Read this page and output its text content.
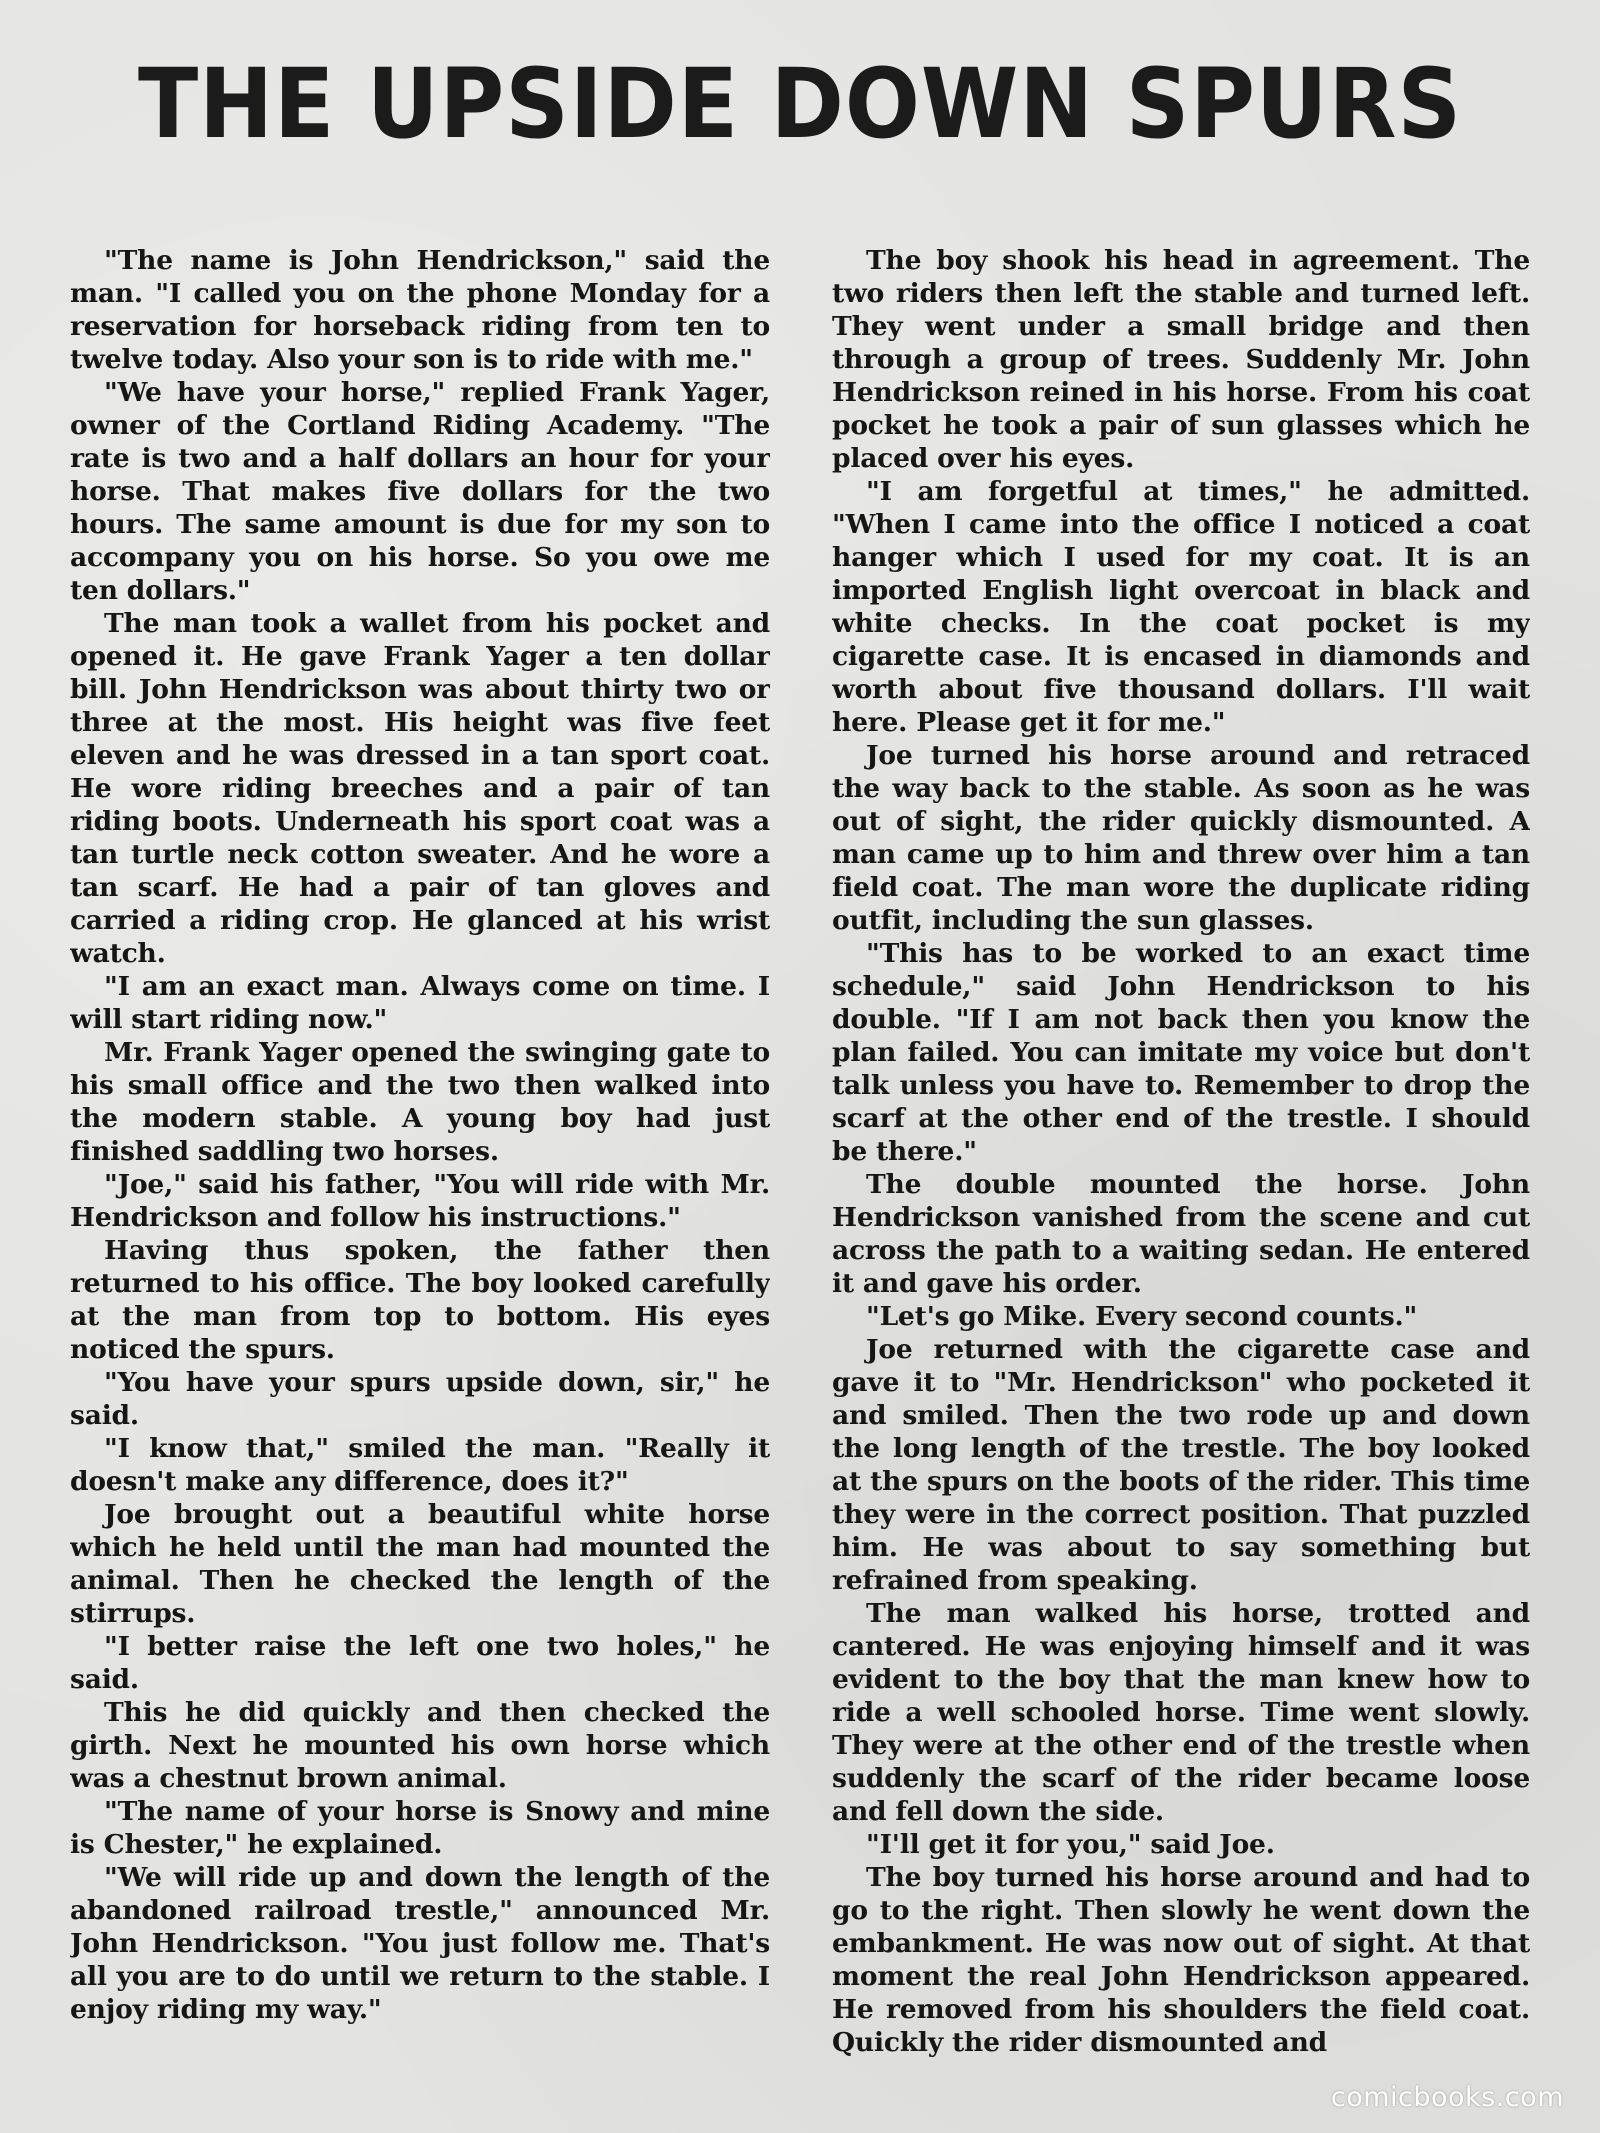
THE UPSIDE DOWN SPURS

"The name is John Hendrickson," said the man. "I called you on the phone Monday for a reservation for horseback riding from ten to twelve today. Also your son is to ride with me."

"We have your horse," replied Frank Yager, owner of the Cortland Riding Academy. "The rate is two and a half dollars an hour for your horse. That makes five dollars for the two hours. The same amount is due for my son to accompany you on his horse. So you owe me ten dollars."

The man took a wallet from his pocket and opened it. He gave Frank Yager a ten dollar bill. John Hendrickson was about thirty two or three at the most. His height was five feet eleven and he was dressed in a tan sport coat. He wore riding breeches and a pair of tan riding boots. Underneath his sport coat was a tan turtle neck cotton sweater. And he wore a tan scarf. He had a pair of tan gloves and carried a riding crop. He glanced at his wrist watch.

"I am an exact man. Always come on time. I will start riding now."

Mr. Frank Yager opened the swinging gate to his small office and the two then walked into the modern stable. A young boy had just finished saddling two horses.

"Joe," said his father, "You will ride with Mr. Hendrickson and follow his instructions."

Having thus spoken, the father then returned to his office. The boy looked carefully at the man from top to bottom. His eyes noticed the spurs.

"You have your spurs upside down, sir," he said.

"I know that," smiled the man. "Really it doesn't make any difference, does it?"

Joe brought out a beautiful white horse which he held until the man had mounted the animal. Then he checked the length of the stirrups.

"I better raise the left one two holes," he said.

This he did quickly and then checked the girth. Next he mounted his own horse which was a chestnut brown animal.

"The name of your horse is Snowy and mine is Chester," he explained.

"We will ride up and down the length of the abandoned railroad trestle," announced Mr. John Hendrickson. "You just follow me. That's all you are to do until we return to the stable. I enjoy riding my way."

The boy shook his head in agreement. The two riders then left the stable and turned left. They went under a small bridge and then through a group of trees. Suddenly Mr. John Hendrickson reined in his horse. From his coat pocket he took a pair of sun glasses which he placed over his eyes.

"I am forgetful at times," he admitted. "When I came into the office I noticed a coat hanger which I used for my coat. It is an imported English light overcoat in black and white checks. In the coat pocket is my cigarette case. It is encased in diamonds and worth about five thousand dollars. I'll wait here. Please get it for me."

Joe turned his horse around and retraced the way back to the stable. As soon as he was out of sight, the rider quickly dismounted. A man came up to him and threw over him a tan field coat. The man wore the duplicate riding outfit, including the sun glasses.

"This has to be worked to an exact time schedule," said John Hendrickson to his double. "If I am not back then you know the plan failed. You can imitate my voice but don't talk unless you have to. Remember to drop the scarf at the other end of the trestle. I should be there."

The double mounted the horse. John Hendrickson vanished from the scene and cut across the path to a waiting sedan. He entered it and gave his order.

"Let's go Mike. Every second counts."

Joe returned with the cigarette case and gave it to "Mr. Hendrickson" who pocketed it and smiled. Then the two rode up and down the long length of the trestle. The boy looked at the spurs on the boots of the rider. This time they were in the correct position. That puzzled him. He was about to say something but refrained from speaking.

The man walked his horse, trotted and cantered. He was enjoying himself and it was evident to the boy that the man knew how to ride a well schooled horse. Time went slowly. They were at the other end of the trestle when suddenly the scarf of the rider became loose and fell down the side.

"I'll get it for you," said Joe.

The boy turned his horse around and had to go to the right. Then slowly he went down the embankment. He was now out of sight. At that moment the real John Hendrickson appeared. He removed from his shoulders the field coat. Quickly the rider dismounted and

comicbooks.com
